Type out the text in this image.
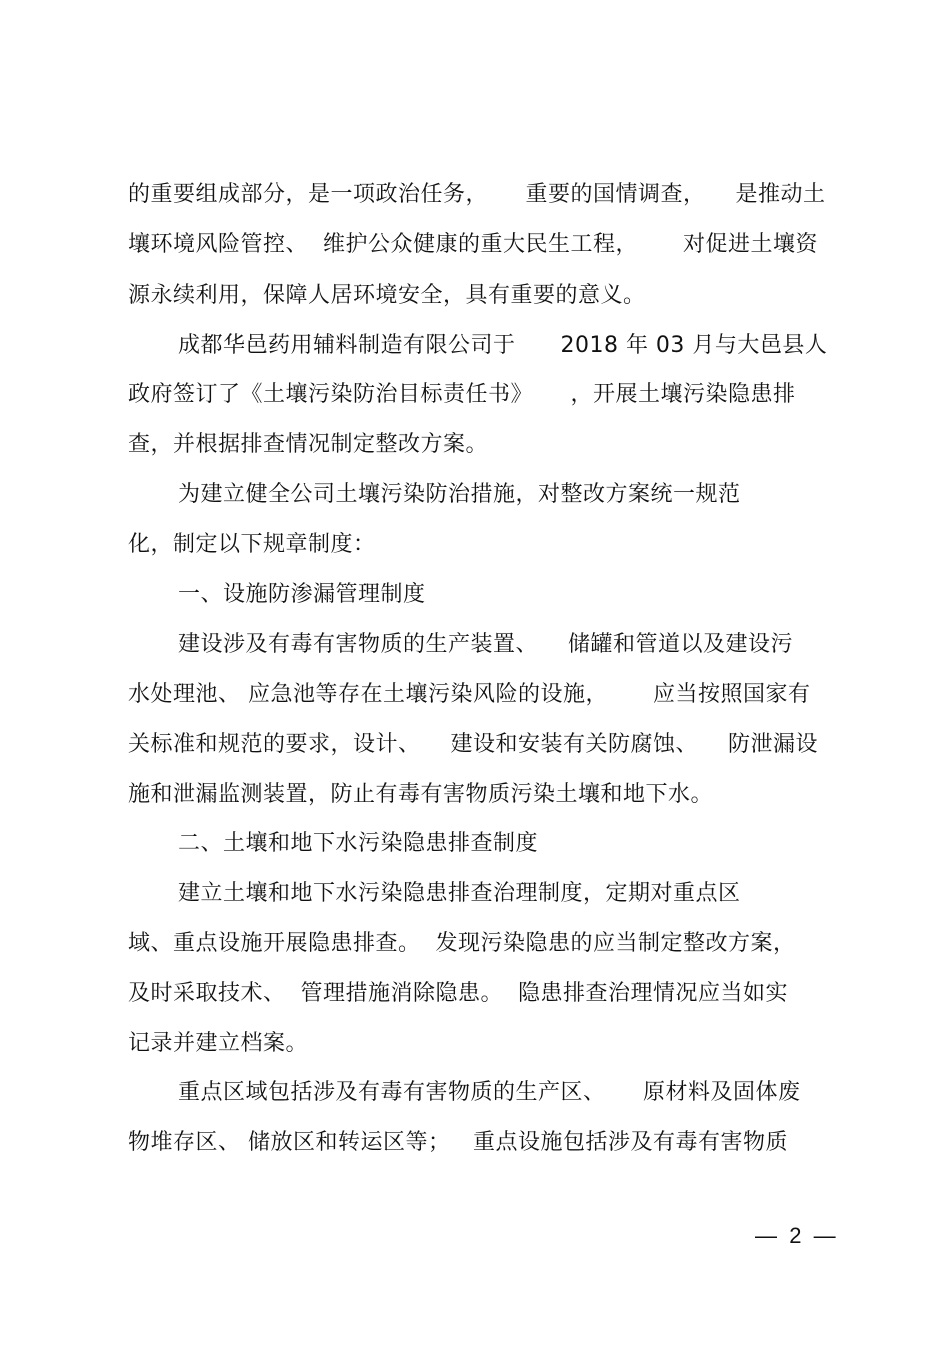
的重要组成部分，是一项政治任务，     重要的国情调查，    是推动土
壤环境风险管控、  维护公众健康的重大民生工程，      对促进土壤资
源永续利用，保障人居环境安全，具有重要的意义。
成都华邑药用辅料制造有限公司于      2018 年 03 月与大邑县人
政府签订了《土壤污染防治目标责任书》     ，开展土壤污染隐患排
查，并根据排查情况制定整改方案。
为建立健全公司土壤污染防治措施，对整改方案统一规范
化，制定以下规章制度：
一、设施防渗漏管理制度
建设涉及有毒有害物质的生产装置、    储罐和管道以及建设污
水处理池、 应急池等存在土壤污染风险的设施，      应当按照国家有
关标准和规范的要求，设计、    建设和安装有关防腐蚀、    防泄漏设
施和泄漏监测装置，防止有毒有害物质污染土壤和地下水。
二、土壤和地下水污染隐患排查制度
建立土壤和地下水污染隐患排查治理制度，定期对重点区
域、重点设施开展隐患排查。  发现污染隐患的应当制定整改方案，
及时采取技术、  管理措施消除隐患。  隐患排查治理情况应当如实
记录并建立档案。
重点区域包括涉及有毒有害物质的生产区、     原材料及固体废
物堆存区、 储放区和转运区等；   重点设施包括涉及有毒有害物质
—  2  —
